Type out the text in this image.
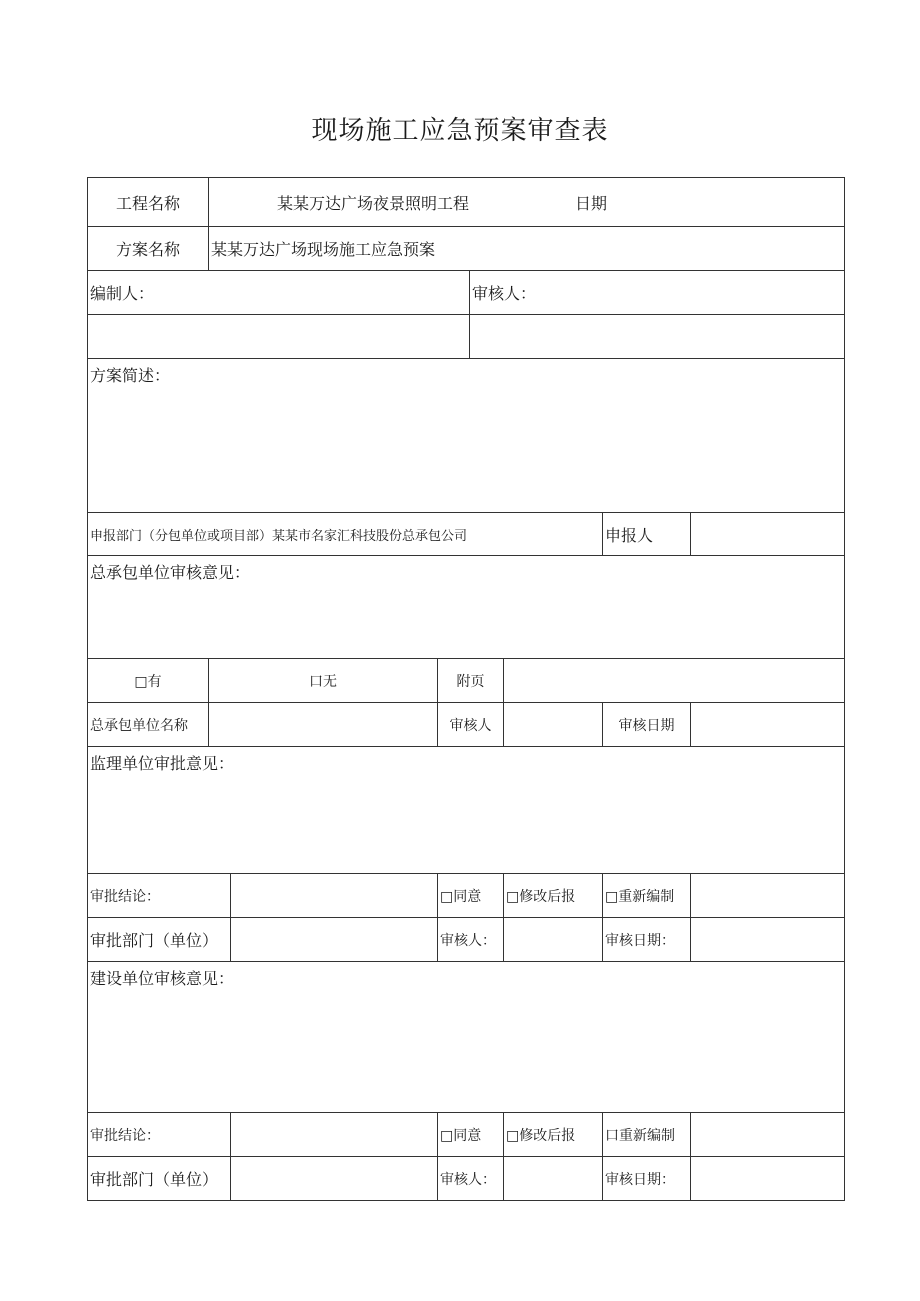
现场施工应急预案审查表
工程名称	某某万达广场夜景照明工程	日期
方案名称	某某万达广场现场施工应急预案
编制人：	审核人：
方案简述：
申报部门（分包单位或项目部）某某市名家汇科技股份总承包公司	申报人
总承包单位审核意见：
□有	口无	附页
总承包单位名称	审核人	审核日期
监理单位审批意见：
审批结论：	□同意	□修改后报	□重新编制
审批部门（单位）	审核人：	审核日期：
建设单位审核意见：
审批结论：	□同意	□修改后报	口重新编制
审批部门（单位）	审核人：	审核日期：
